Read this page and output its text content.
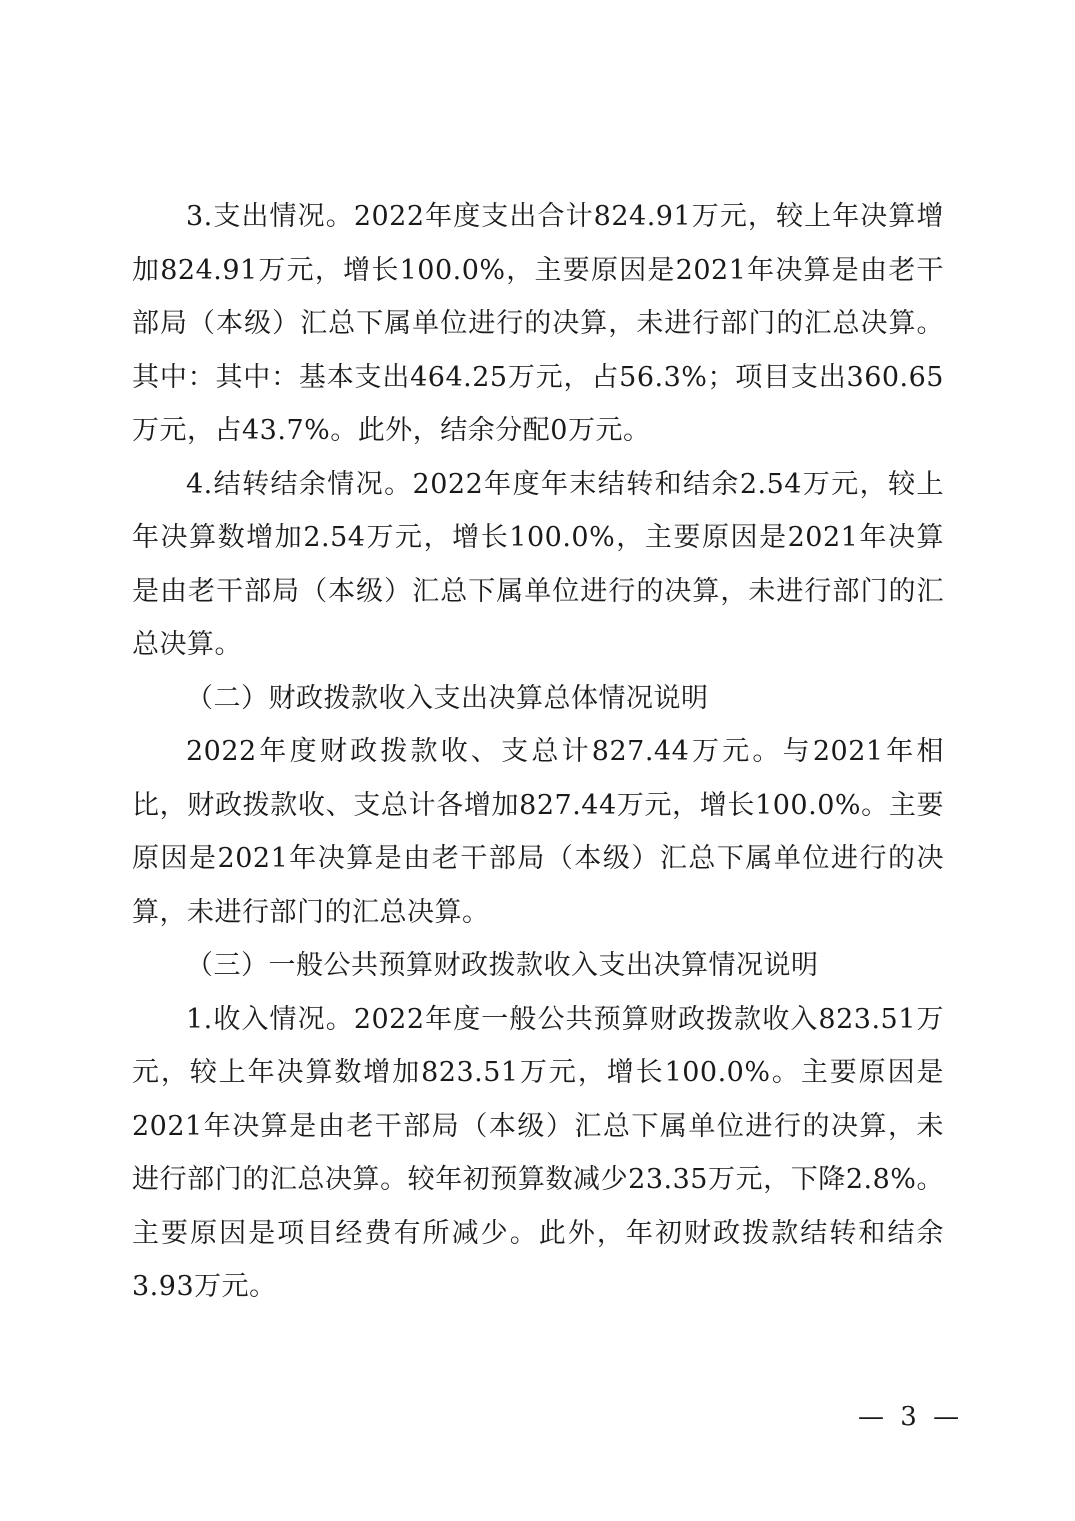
3.支出情况。2022年度支出合计824.91万元，较上年决算增加824.91万元，增长100.0%，主要原因是2021年决算是由老干部局（本级）汇总下属单位进行的决算，未进行部门的汇总决算。其中：其中：基本支出464.25万元，占56.3%；项目支出360.65万元，占43.7%。此外，结余分配0万元。

4.结转结余情况。2022年度年末结转和结余2.54万元，较上年决算数增加2.54万元，增长100.0%，主要原因是2021年决算是由老干部局（本级）汇总下属单位进行的决算，未进行部门的汇总决算。

（二）财政拨款收入支出决算总体情况说明

2022年度财政拨款收、支总计827.44万元。与2021年相比，财政拨款收、支总计各增加827.44万元，增长100.0%。主要原因是2021年决算是由老干部局（本级）汇总下属单位进行的决算，未进行部门的汇总决算。

（三）一般公共预算财政拨款收入支出决算情况说明

1.收入情况。2022年度一般公共预算财政拨款收入823.51万元，较上年决算数增加823.51万元，增长100.0%。主要原因是2021年决算是由老干部局（本级）汇总下属单位进行的决算，未进行部门的汇总决算。较年初预算数减少23.35万元，下降2.8%。主要原因是项目经费有所减少。此外，年初财政拨款结转和结余3.93万元。

— 3 —
